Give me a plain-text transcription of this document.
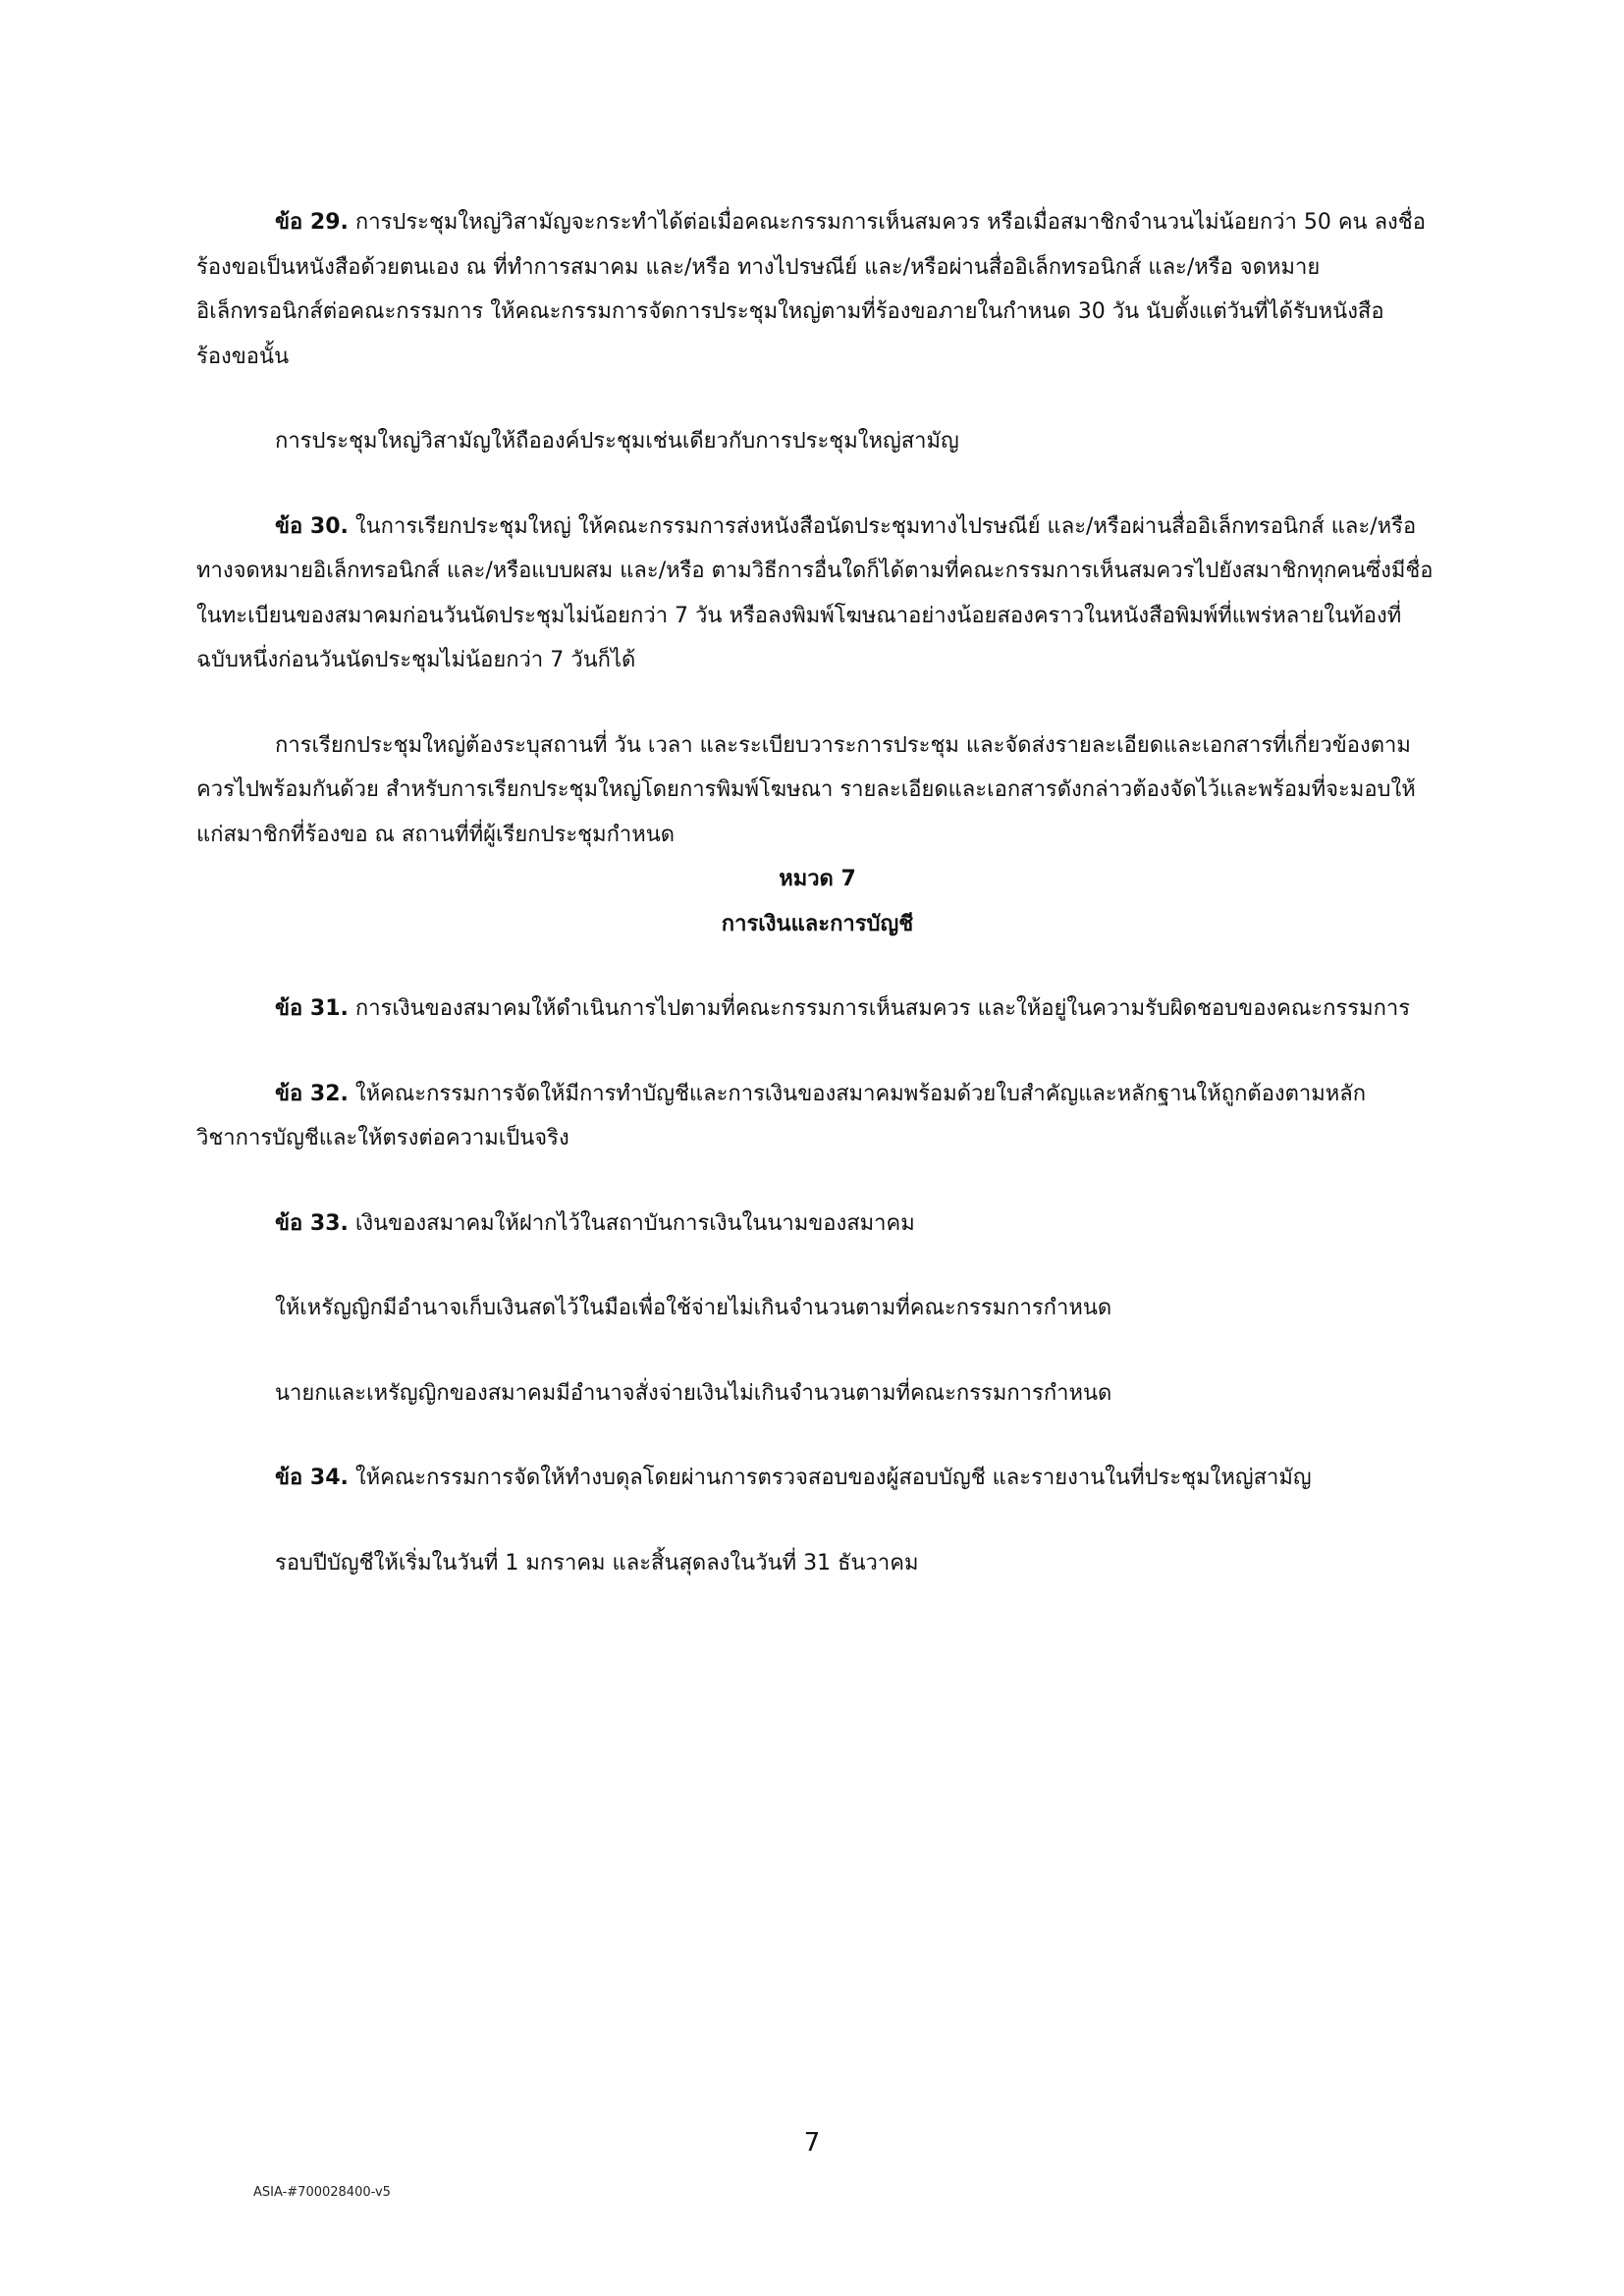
ข้อ 29. การประชุมใหญ่วิสามัญจะกระทำได้ต่อเมื่อคณะกรรมการเห็นสมควร หรือเมื่อสมาชิกจำนวนไม่น้อยกว่า 50 คน ลงชื่อร้องขอเป็นหนังสือด้วยตนเอง ณ ที่ทำการสมาคม และ/หรือ ทางไปรษณีย์ และ/หรือผ่านสื่ออิเล็กทรอนิกส์ และ/หรือ จดหมายอิเล็กทรอนิกส์ต่อคณะกรรมการ ให้คณะกรรมการจัดการประชุมใหญ่ตามที่ร้องขอภายในกำหนด 30 วัน นับตั้งแต่วันที่ได้รับหนังสือร้องขอนั้น

การประชุมใหญ่วิสามัญให้ถือองค์ประชุมเช่นเดียวกับการประชุมใหญ่สามัญ

ข้อ 30. ในการเรียกประชุมใหญ่ ให้คณะกรรมการส่งหนังสือนัดประชุมทางไปรษณีย์ และ/หรือผ่านสื่ออิเล็กทรอนิกส์ และ/หรือ ทางจดหมายอิเล็กทรอนิกส์ และ/หรือแบบผสม และ/หรือ ตามวิธีการอื่นใดก็ได้ตามที่คณะกรรมการเห็นสมควรไปยังสมาชิกทุกคนซึ่งมีชื่อในทะเบียนของสมาคมก่อนวันนัดประชุมไม่น้อยกว่า 7 วัน หรือลงพิมพ์โฆษณาอย่างน้อยสองคราวในหนังสือพิมพ์ที่แพร่หลายในท้องที่ฉบับหนึ่งก่อนวันนัดประชุมไม่น้อยกว่า 7 วันก็ได้

การเรียกประชุมใหญ่ต้องระบุสถานที่ วัน เวลา และระเบียบวาระการประชุม และจัดส่งรายละเอียดและเอกสารที่เกี่ยวข้องตามควรไปพร้อมกันด้วย สำหรับการเรียกประชุมใหญ่โดยการพิมพ์โฆษณา รายละเอียดและเอกสารดังกล่าวต้องจัดไว้และพร้อมที่จะมอบให้แก่สมาชิกที่ร้องขอ ณ สถานที่ที่ผู้เรียกประชุมกำหนด

หมวด 7

การเงินและการบัญชี

ข้อ 31. การเงินของสมาคมให้ดำเนินการไปตามที่คณะกรรมการเห็นสมควร และให้อยู่ในความรับผิดชอบของคณะกรรมการ

ข้อ 32. ให้คณะกรรมการจัดให้มีการทำบัญชีและการเงินของสมาคมพร้อมด้วยใบสำคัญและหลักฐานให้ถูกต้องตามหลักวิชาการบัญชีและให้ตรงต่อความเป็นจริง

ข้อ 33. เงินของสมาคมให้ฝากไว้ในสถาบันการเงินในนามของสมาคม

ให้เหรัญญิกมีอำนาจเก็บเงินสดไว้ในมือเพื่อใช้จ่ายไม่เกินจำนวนตามที่คณะกรรมการกำหนด

นายกและเหรัญญิกของสมาคมมีอำนาจสั่งจ่ายเงินไม่เกินจำนวนตามที่คณะกรรมการกำหนด

ข้อ 34. ให้คณะกรรมการจัดให้ทำงบดุลโดยผ่านการตรวจสอบของผู้สอบบัญชี และรายงานในที่ประชุมใหญ่สามัญ

รอบปีบัญชีให้เริ่มในวันที่ 1 มกราคม และสิ้นสุดลงในวันที่ 31 ธันวาคม

7
ASIA-#700028400-v5
